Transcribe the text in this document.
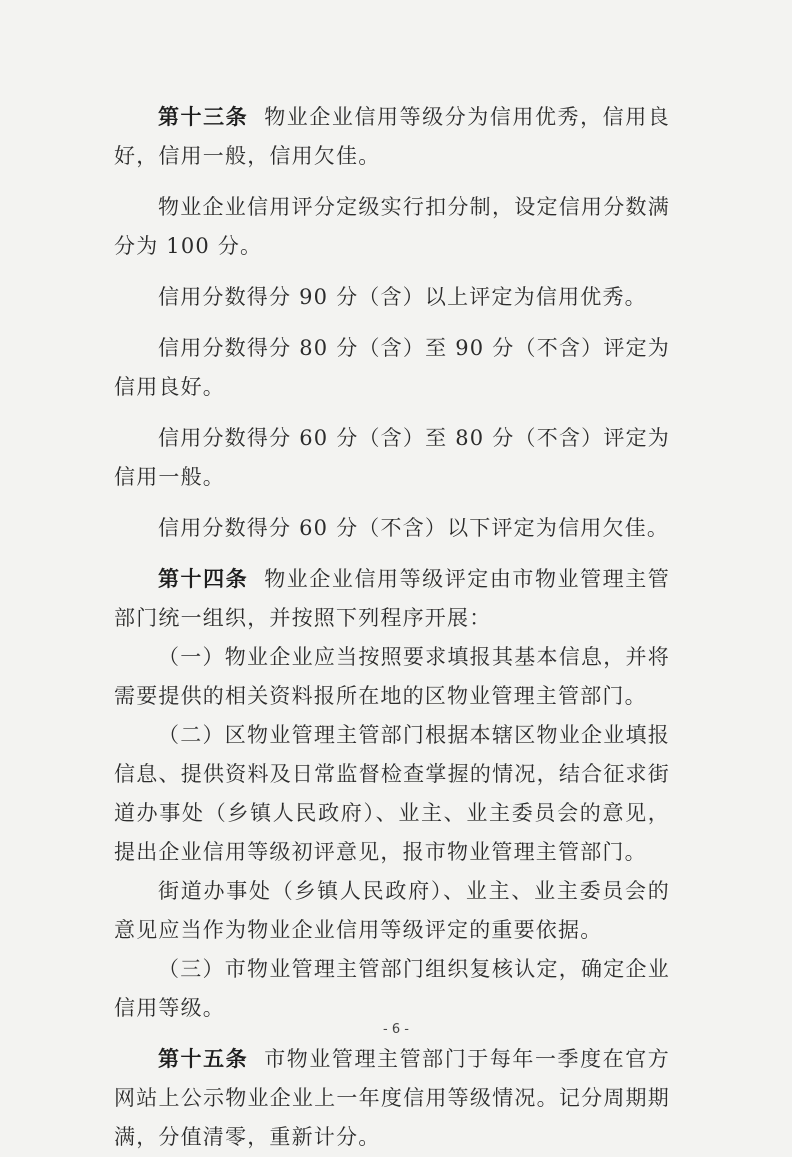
第十三条 物业企业信用等级分为信用优秀，信用良好，信用一般，信用欠佳。

物业企业信用评分定级实行扣分制，设定信用分数满分为 100 分。

信用分数得分 90 分（含）以上评定为信用优秀。

信用分数得分 80 分（含）至 90 分（不含）评定为信用良好。

信用分数得分 60 分（含）至 80 分（不含）评定为信用一般。

信用分数得分 60 分（不含）以下评定为信用欠佳。

第十四条 物业企业信用等级评定由市物业管理主管部门统一组织，并按照下列程序开展：

（一）物业企业应当按照要求填报其基本信息，并将需要提供的相关资料报所在地的区物业管理主管部门。

（二）区物业管理主管部门根据本辖区物业企业填报信息、提供资料及日常监督检查掌握的情况，结合征求街道办事处（乡镇人民政府）、业主、业主委员会的意见，提出企业信用等级初评意见，报市物业管理主管部门。

街道办事处（乡镇人民政府）、业主、业主委员会的意见应当作为物业企业信用等级评定的重要依据。

（三）市物业管理主管部门组织复核认定，确定企业信用等级。

第十五条 市物业管理主管部门于每年一季度在官方网站上公示物业企业上一年度信用等级情况。记分周期期满，分值清零，重新计分。

- 6 -
